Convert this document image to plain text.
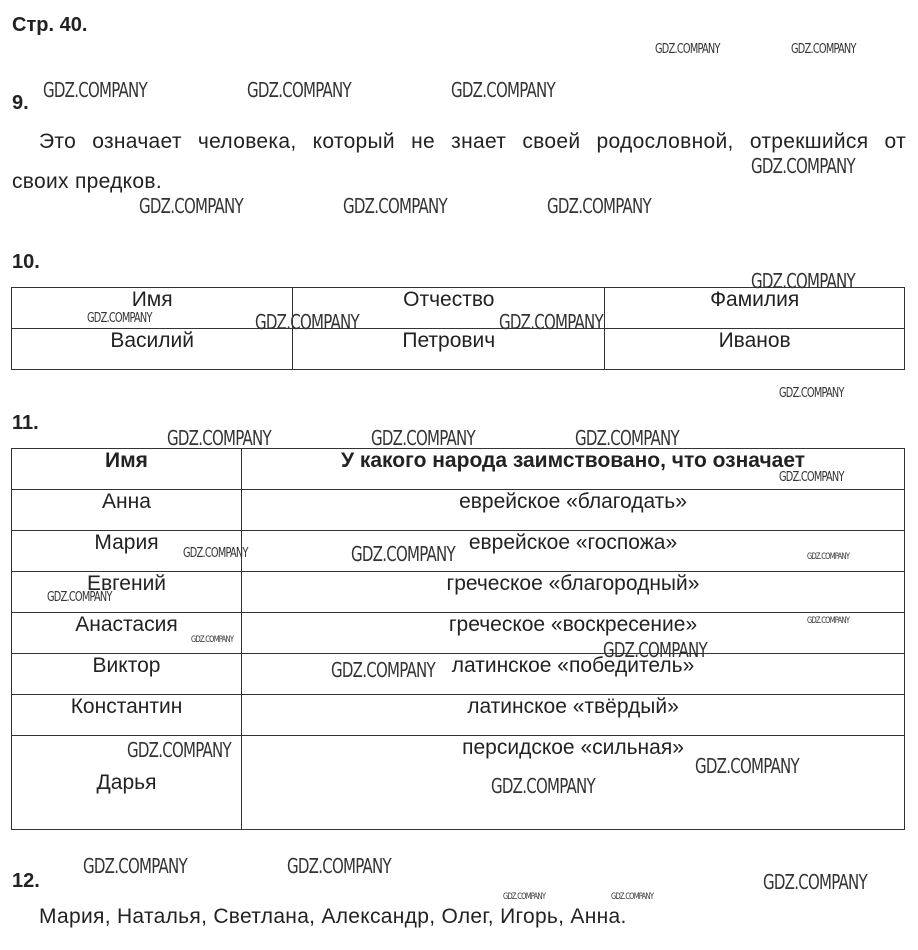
Стр. 40.
9.
Это означает человека, который не знает своей родословной, отрекшийся от
своих предков.
10.
Имя	Отчество	Фамилия
Василий	Петрович	Иванов
11.
Имя	У какого народа заимствовано, что означает
Анна	еврейское «благодать»
Мария	еврейское «госпожа»
Евгений	греческое «благородный»
Анастасия	греческое «воскресение»
Виктор	латинское «победитель»
Константин	латинское «твёрдый»
Дарья	персидское «сильная»
12.
Мария, Наталья, Светлана, Александр, Олег, Игорь, Анна.
GDZ.COMPANY	GDZ.COMPANY
GDZ.COMPANY	GDZ.COMPANY	GDZ.COMPANY
GDZ.COMPANY
GDZ.COMPANY	GDZ.COMPANY	GDZ.COMPANY
GDZ.COMPANY
GDZ.COMPANY	GDZ.COMPANY	GDZ.COMPANY
GDZ.COMPANY
GDZ.COMPANY	GDZ.COMPANY	GDZ.COMPANY
GDZ.COMPANY
GDZ.COMPANY	GDZ.COMPANY	GDZ.COMPANY
GDZ.COMPANY
GDZ.COMPANY
GDZ.COMPANY	GDZ.COMPANY
GDZ.COMPANY
GDZ.COMPANY
GDZ.COMPANY
GDZ.COMPANY
GDZ.COMPANY	GDZ.COMPANY
GDZ.COMPANY
GDZ.COMPANY	GDZ.COMPANY
